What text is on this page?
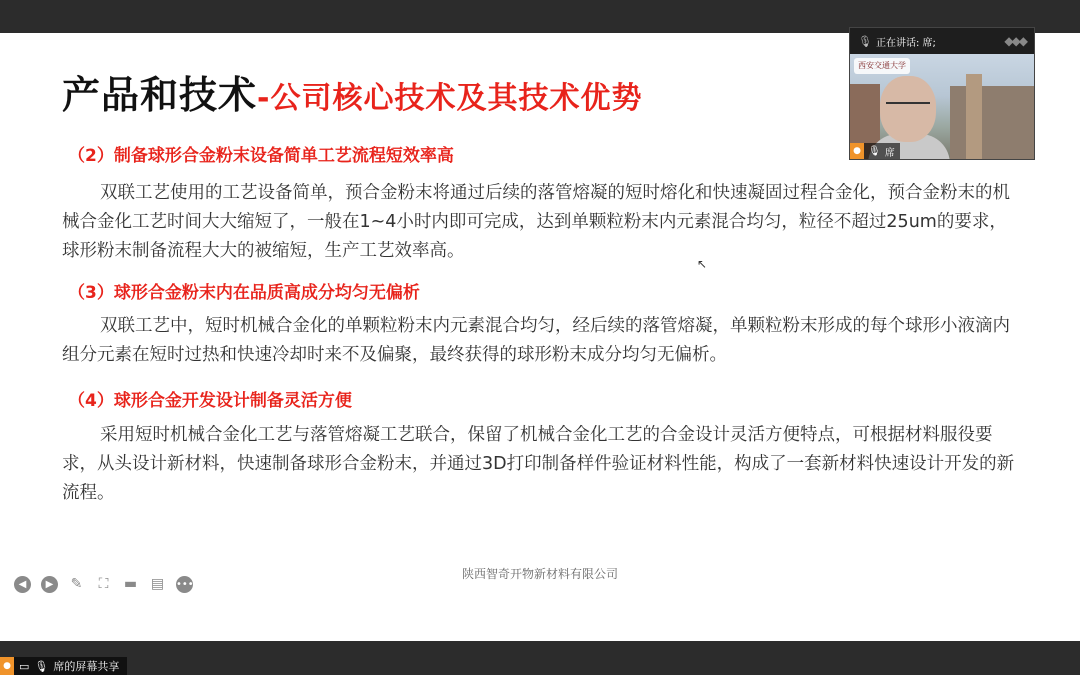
产品和技术-公司核心技术及其技术优势
（2）制备球形合金粉末设备简单工艺流程短效率高

双联工艺使用的工艺设备简单，预合金粉末将通过后续的落管熔凝的短时熔化和快速凝固过程合金化，预合金粉末的机械合金化工艺时间大大缩短了，一般在1~4小时内即可完成，达到单颗粒粉末内元素混合均匀，粒径不超过25um的要求，球形粉末制备流程大大的被缩短，生产工艺效率高。

（3）球形合金粉末内在品质高成分均匀无偏析

双联工艺中，短时机械合金化的单颗粒粉末内元素混合均匀，经后续的落管熔凝，单颗粒粉末形成的每个球形小液滴内组分元素在短时过热和快速冷却时来不及偏聚，最终获得的球形粉末成分均匀无偏析。

（4）球形合金开发设计制备灵活方便

采用短时机械合金化工艺与落管熔凝工艺联合，保留了机械合金化工艺的合金设计灵活方便特点，可根据材料服役要求，从头设计新材料，快速制备球形合金粉末，并通过3D打印制备样件验证材料性能，构成了一套新材料快速设计开发的新流程。

↖
陕西智奇开物新材料有限公司
◀	▶	✎ ⛶ ▬ ▤ •••
🎙 正在讲话: 席;	◆◆◆
西安交通大学
● 🎙 席
● ▭ 🎙 席的屏幕共享
